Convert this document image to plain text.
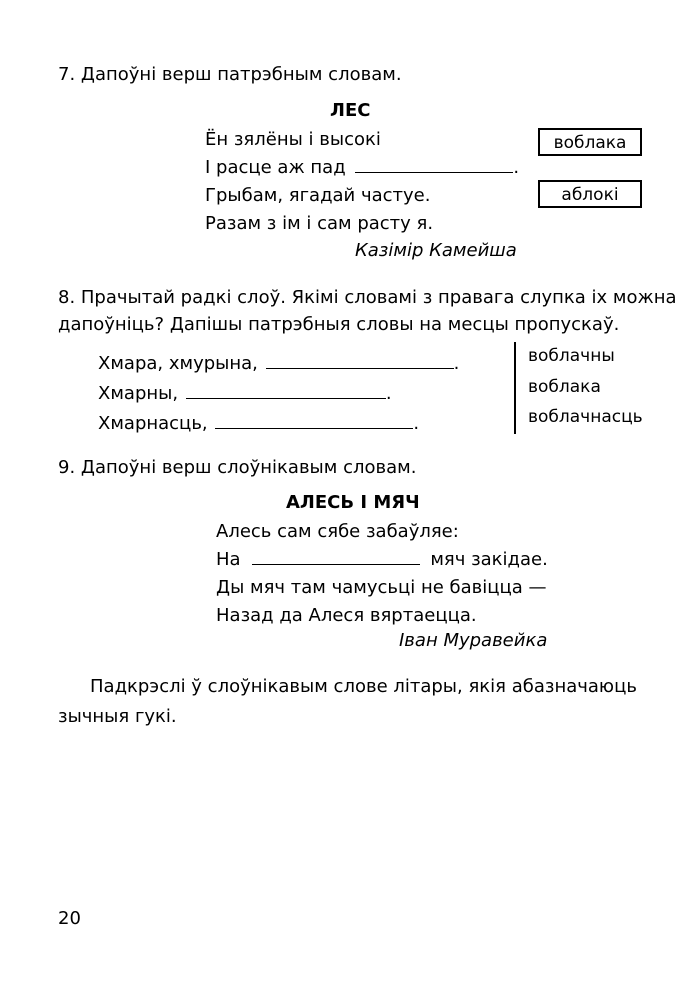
7. Дапоўні верш патрэбным словам.
ЛЕС
Ён зялёны і высокі
І расце аж пад	.
Грыбам, ягадай частуе.
Разам з ім і сам расту я.
Казімір Камейша
воблака
аблокі
8. Прачытай радкі слоў. Якімі словамі з правага слупка іх можна
дапоўніць? Дапішы патрэбныя словы на месцы пропускаў.
Хмара, хмурына,	.
Хмарны,	.
Хмарнасць,	.
воблачны
воблака
воблачнасць
9. Дапоўні верш слоўнікавым словам.
АЛЕСЬ І МЯЧ
Алесь сам сябе забаўляе:
На	мяч закідае.
Ды мяч там чамусьці не бавіцца —
Назад да Алеся вяртаецца.
Іван Муравейка
Падкрэслі ў слоўнікавым слове літары, якія абазначаюць
зычныя гукі.
20
